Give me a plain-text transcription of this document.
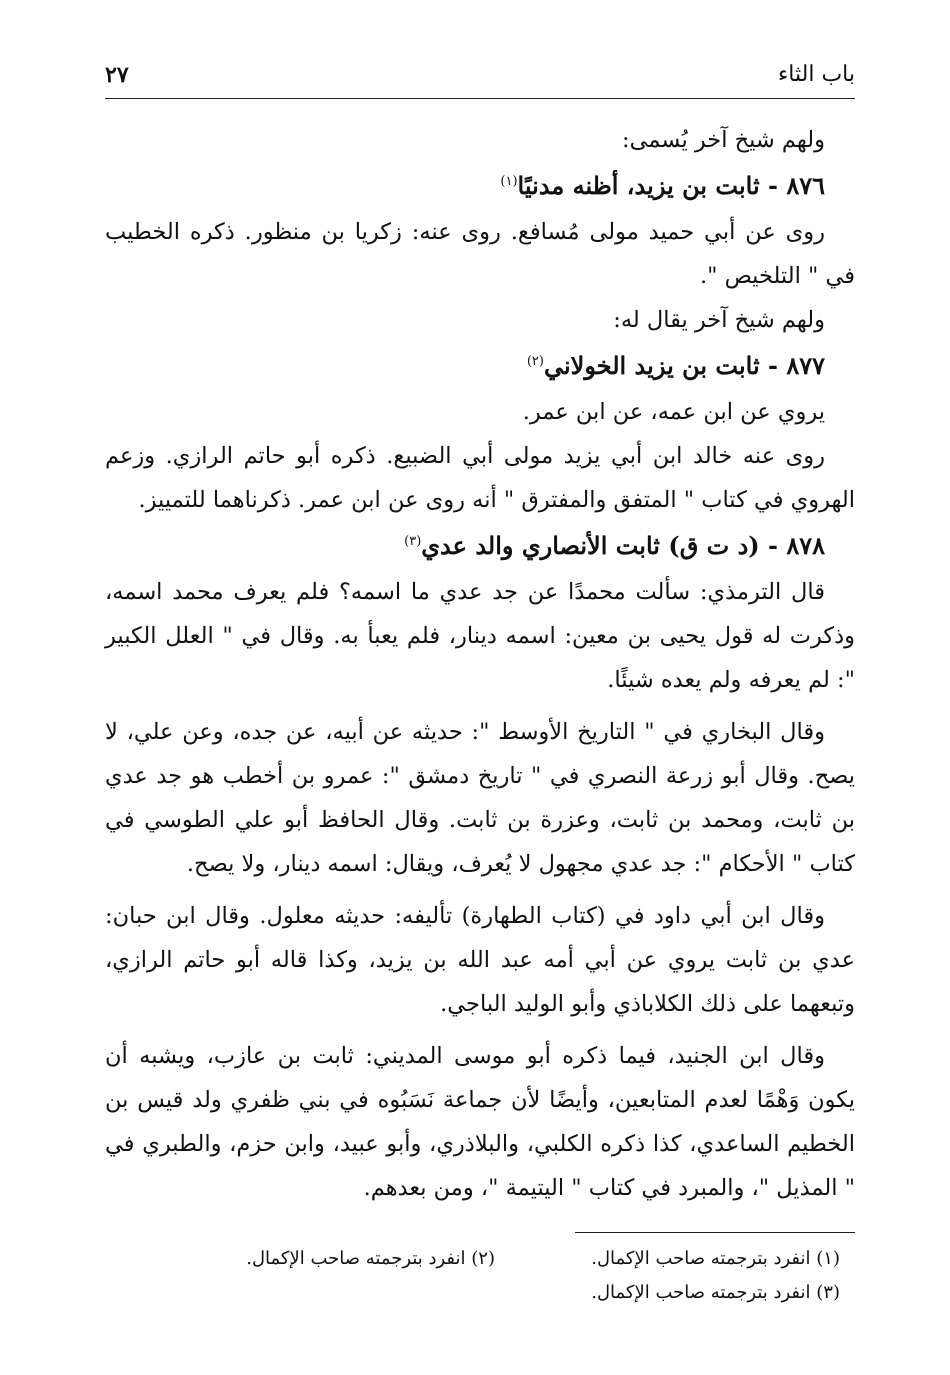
باب الثاء
٢٧

ولهم شيخ آخر يُسمى:

٨٧٦ - ثابت بن يزيد، أظنه مدنيًا$^{(١)}$

روى عن أبي حميد مولى مُسافع. روى عنه: زكريا بن منظور. ذكره الخطيب في " التلخيص ".

ولهم شيخ آخر يقال له:

٨٧٧ - ثابت بن يزيد الخولاني$^{(٢)}$

يروي عن ابن عمه، عن ابن عمر.

روى عنه خالد ابن أبي يزيد مولى أبي الضبيع. ذكره أبو حاتم الرازي. وزعم الهروي في كتاب " المتفق والمفترق " أنه روى عن ابن عمر. ذكرناهما للتمييز.

٨٧٨ - (د ت ق) ثابت الأنصاري والد عدي$^{(٣)}$

قال الترمذي: سألت محمدًا عن جد عدي ما اسمه؟ فلم يعرف محمد اسمه، وذكرت له قول يحيى بن معين: اسمه دينار، فلم يعبأ به. وقال في " العلل الكبير ": لم يعرفه ولم يعده شيئًا.

وقال البخاري في " التاريخ الأوسط ": حديثه عن أبيه، عن جده، وعن علي، لا يصح. وقال أبو زرعة النصري في " تاريخ دمشق ": عمرو بن أخطب هو جد عدي بن ثابت، ومحمد بن ثابت، وعزرة بن ثابت. وقال الحافظ أبو علي الطوسي في كتاب " الأحكام ": جد عدي مجهول لا يُعرف، ويقال: اسمه دينار، ولا يصح.

وقال ابن أبي داود في (كتاب الطهارة) تأليفه: حديثه معلول. وقال ابن حبان: عدي بن ثابت يروي عن أبي أمه عبد الله بن يزيد، وكذا قاله أبو حاتم الرازي، وتبعهما على ذلك الكلاباذي وأبو الوليد الباجي.

وقال ابن الجنيد، فيما ذكره أبو موسى المديني: ثابت بن عازب، ويشبه أن يكون وَهْمًا لعدم المتابعين، وأيضًا لأن جماعة نَسَبُوه في بني ظفري ولد قيس بن الخطيم الساعدي، كذا ذكره الكلبي، والبلاذري، وأبو عبيد، وابن حزم، والطبري في " المذيل "، والمبرد في كتاب " اليتيمة "، ومن بعدهم.

(١) انفرد بترجمته صاحب الإكمال.
(٢) انفرد بترجمته صاحب الإكمال.
(٣) انفرد بترجمته صاحب الإكمال.
